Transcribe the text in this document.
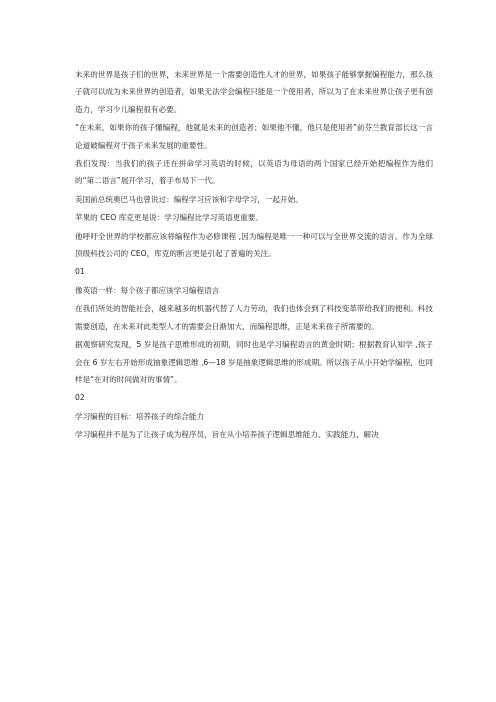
未来的世界是孩子们的世界，未来世界是一个需要创造性人才的世界，如果孩子能够掌握编程能力，那么孩子就可以成为未来世界的创造者，如果无法学会编程只能是一个使用者，所以为了在未来世界让孩子更有创造力，学习少儿编程很有必要。

“在未来，如果你的孩子懂编程，他就是未来的创造者；如果他不懂，他只是使用者”前芬兰教育部长这一言论道破编程对于孩子未来发展的重要性。

我们发现：当我们的孩子还在拼命学习英语的时候，以英语为母语的两个国家已经开始把编程作为他们的“第二语言”展开学习，着手布局下一代。

美国前总统奥巴马也曾说过：编程学习应该和字母学习，一起开始。

苹果的 CEO 库克更是说：学习编程比学习英语更重要。

他呼吁全世界的学校都应该将编程作为必修课程 ,因为编程是唯一一种可以与全世界交流的语言。作为全球顶级科技公司的 CEO，库克的断言更是引起了普遍的关注。

01

像英语一样：每个孩子都应该学习编程语言

在我们所处的智能社会，越来越多的机器代替了人力劳动，我们也体会到了科技变革带给我们的便利。科技需要创造，在未来对此类型人才的需要会日渐加大，而编程思维，正是未来孩子所需要的。

据观察研究发现，5 岁是孩子思维形成的初期，同时也是学习编程语言的黄金时期；根据教育认知学 ,孩子会在 6 岁左右开始形成抽象逻辑思维 ,6—18 岁是抽象逻辑思维的形成期。所以孩子从小开始学编程，也同样是“在对的时间做对的事情”。

02

学习编程的目标：培养孩子的综合能力

学习编程并不是为了让孩子成为程序员，旨在从小培养孩子逻辑思维能力、实践能力、解决
